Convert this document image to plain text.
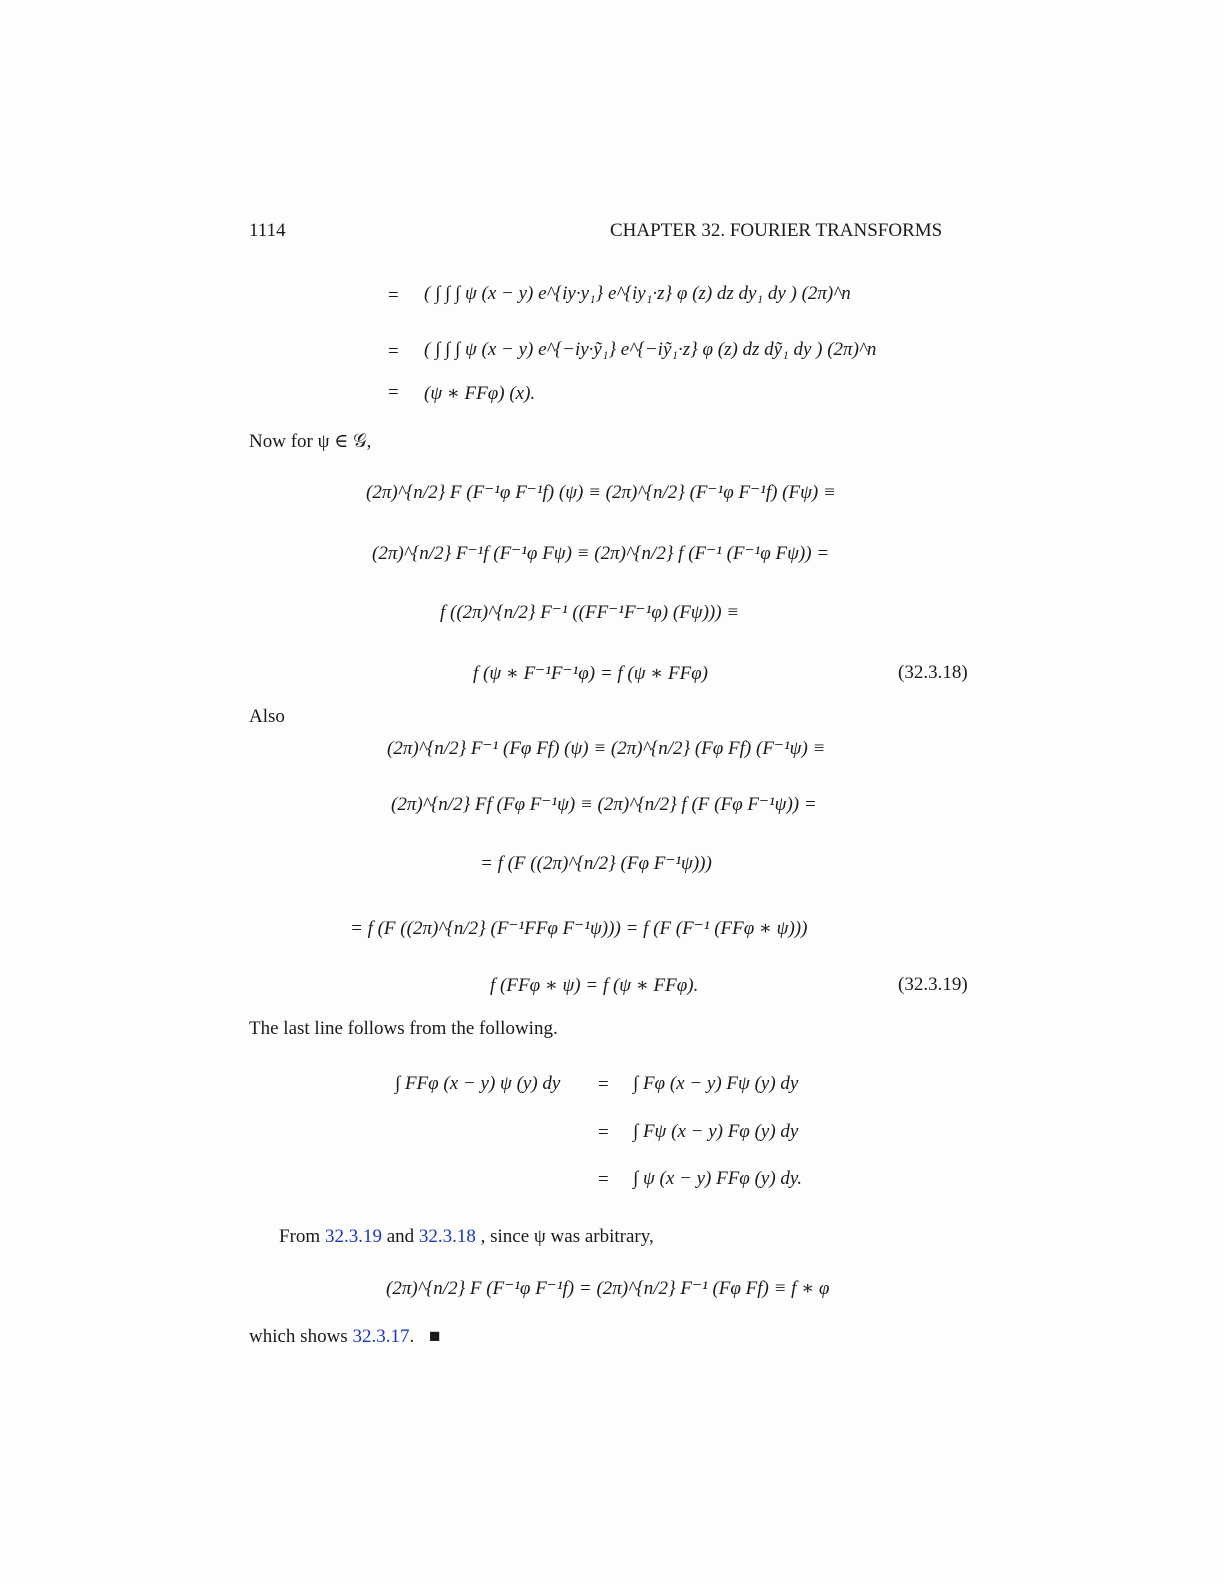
1114	CHAPTER 32. FOURIER TRANSFORMS
= ( ∫ ∫ ∫ ψ (x − y) e^{iy·y₁} e^{iy₁·z} φ (z) dz dy₁ dy ) (2π)^n
= ( ∫ ∫ ∫ ψ (x − y) e^{−iy·ỹ₁} e^{−iỹ₁·z} φ (z) dz dỹ₁ dy ) (2π)^n
= (ψ ∗ FFφ) (x).
Now for ψ ∈ 𝒢,
(2π)^{n/2} F (F⁻¹φ F⁻¹f) (ψ) ≡ (2π)^{n/2} (F⁻¹φ F⁻¹f) (Fψ) ≡
(2π)^{n/2} F⁻¹f (F⁻¹φ Fψ) ≡ (2π)^{n/2} f (F⁻¹ (F⁻¹φ Fψ)) =
f ((2π)^{n/2} F⁻¹ ((FF⁻¹F⁻¹φ) (Fψ))) ≡
f (ψ ∗ F⁻¹F⁻¹φ) = f (ψ ∗ FFφ)	(32.3.18)
Also
(2π)^{n/2} F⁻¹ (Fφ Ff) (ψ) ≡ (2π)^{n/2} (Fφ Ff) (F⁻¹ψ) ≡
(2π)^{n/2} Ff (Fφ F⁻¹ψ) ≡ (2π)^{n/2} f (F (Fφ F⁻¹ψ)) =
= f (F ((2π)^{n/2} (Fφ F⁻¹ψ)))
= f (F ((2π)^{n/2} (F⁻¹FFφ F⁻¹ψ))) = f (F (F⁻¹ (FFφ ∗ ψ)))
f (FFφ ∗ ψ) = f (ψ ∗ FFφ).	(32.3.19)
The last line follows from the following.
∫ FFφ (x − y) ψ (y) dy = ∫ Fφ (x − y) Fψ (y) dy
= ∫ Fψ (x − y) Fφ (y) dy
= ∫ ψ (x − y) FFφ (y) dy.
From 32.3.19 and 32.3.18 , since ψ was arbitrary,
(2π)^{n/2} F (F⁻¹φ F⁻¹f) = (2π)^{n/2} F⁻¹ (Fφ Ff) ≡ f ∗ φ
which shows 32.3.17. ■
